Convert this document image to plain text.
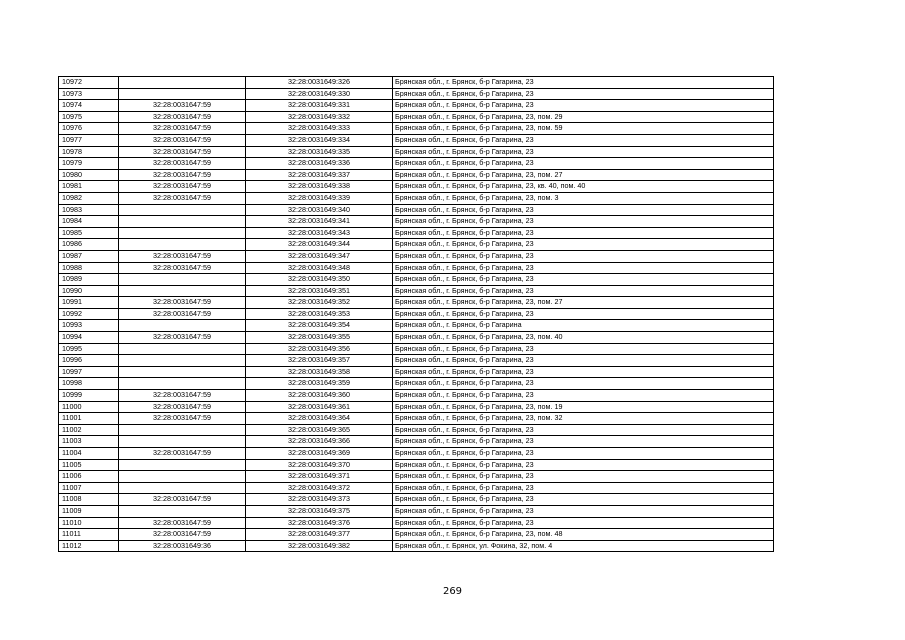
10972		32:28:0031649:326	Брянская обл., г. Брянск, б-р Гагарина, 23
10973		32:28:0031649:330	Брянская обл., г. Брянск, б-р Гагарина, 23
10974	32:28:0031647:59	32:28:0031649:331	Брянская обл., г. Брянск, б-р Гагарина, 23
10975	32:28:0031647:59	32:28:0031649:332	Брянская обл., г. Брянск, б-р Гагарина, 23, пом. 29
10976	32:28:0031647:59	32:28:0031649:333	Брянская обл., г. Брянск, б-р Гагарина, 23, пом. 59
10977	32:28:0031647:59	32:28:0031649:334	Брянская обл., г. Брянск, б-р Гагарина, 23
10978	32:28:0031647:59	32:28:0031649:335	Брянская обл., г. Брянск, б-р Гагарина, 23
10979	32:28:0031647:59	32:28:0031649:336	Брянская обл., г. Брянск, б-р Гагарина, 23
10980	32:28:0031647:59	32:28:0031649:337	Брянская обл., г. Брянск, б-р Гагарина, 23, пом. 27
10981	32:28:0031647:59	32:28:0031649:338	Брянская обл., г. Брянск, б-р Гагарина, 23, кв. 40, пом. 40
10982	32:28:0031647:59	32:28:0031649:339	Брянская обл., г. Брянск, б-р Гагарина, 23, пом. 3
10983		32:28:0031649:340	Брянская обл., г. Брянск, б-р Гагарина, 23
10984		32:28:0031649:341	Брянская обл., г. Брянск, б-р Гагарина, 23
10985		32:28:0031649:343	Брянская обл., г. Брянск, б-р Гагарина, 23
10986		32:28:0031649:344	Брянская обл., г. Брянск, б-р Гагарина, 23
10987	32:28:0031647:59	32:28:0031649:347	Брянская обл., г. Брянск, б-р Гагарина, 23
10988	32:28:0031647:59	32:28:0031649:348	Брянская обл., г. Брянск, б-р Гагарина, 23
10989		32:28:0031649:350	Брянская обл., г. Брянск, б-р Гагарина, 23
10990		32:28:0031649:351	Брянская обл., г. Брянск, б-р Гагарина, 23
10991	32:28:0031647:59	32:28:0031649:352	Брянская обл., г. Брянск, б-р Гагарина, 23, пом. 27
10992	32:28:0031647:59	32:28:0031649:353	Брянская обл., г. Брянск, б-р Гагарина, 23
10993		32:28:0031649:354	Брянская обл., г. Брянск, б-р Гагарина
10994	32:28:0031647:59	32:28:0031649:355	Брянская обл., г. Брянск, б-р Гагарина, 23, пом. 40
10995		32:28:0031649:356	Брянская обл., г. Брянск, б-р Гагарина, 23
10996		32:28:0031649:357	Брянская обл., г. Брянск, б-р Гагарина, 23
10997		32:28:0031649:358	Брянская обл., г. Брянск, б-р Гагарина, 23
10998		32:28:0031649:359	Брянская обл., г. Брянск, б-р Гагарина, 23
10999	32:28:0031647:59	32:28:0031649:360	Брянская обл., г. Брянск, б-р Гагарина, 23
11000	32:28:0031647:59	32:28:0031649:361	Брянская обл., г. Брянск, б-р Гагарина, 23, пом. 19
11001	32:28:0031647:59	32:28:0031649:364	Брянская обл., г. Брянск, б-р Гагарина, 23, пом. 32
11002		32:28:0031649:365	Брянская обл., г. Брянск, б-р Гагарина, 23
11003		32:28:0031649:366	Брянская обл., г. Брянск, б-р Гагарина, 23
11004	32:28:0031647:59	32:28:0031649:369	Брянская обл., г. Брянск, б-р Гагарина, 23
11005		32:28:0031649:370	Брянская обл., г. Брянск, б-р Гагарина, 23
11006		32:28:0031649:371	Брянская обл., г. Брянск, б-р Гагарина, 23
11007		32:28:0031649:372	Брянская обл., г. Брянск, б-р Гагарина, 23
11008	32:28:0031647:59	32:28:0031649:373	Брянская обл., г. Брянск, б-р Гагарина, 23
11009		32:28:0031649:375	Брянская обл., г. Брянск, б-р Гагарина, 23
11010	32:28:0031647:59	32:28:0031649:376	Брянская обл., г. Брянск, б-р Гагарина, 23
11011	32:28:0031647:59	32:28:0031649:377	Брянская обл., г. Брянск, б-р Гагарина, 23, пом. 48
11012	32:28:0031649:36	32:28:0031649:382	Брянская обл., г. Брянск, ул. Фокина, 32, пом. 4
269
